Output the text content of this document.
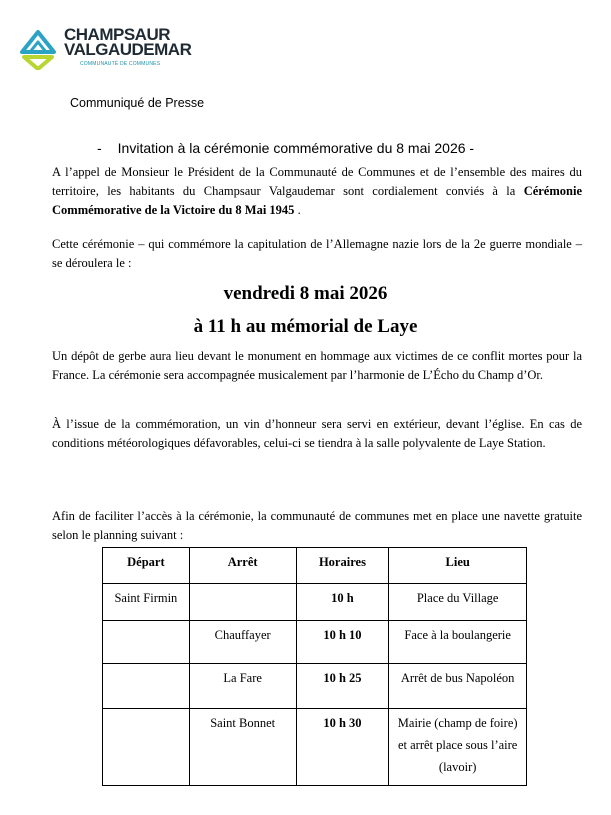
CHAMPSAUR
VALGAUDEMAR
COMMUNAUTÉ DE COMMUNES
Communiqué de Presse
- Invitation à la cérémonie commémorative du 8 mai 2026 -
A l’appel de Monsieur le Président de la Communauté de Communes et de l’ensemble des maires du territoire, les habitants du Champsaur Valgaudemar sont cordialement conviés à la Cérémonie Commémorative de la Victoire du 8 Mai 1945 .
Cette cérémonie – qui commémore la capitulation de l’Allemagne nazie lors de la 2e guerre mondiale – se déroulera le :
vendredi 8 mai 2026
à 11 h au mémorial de Laye
Un dépôt de gerbe aura lieu devant le monument en hommage aux victimes de ce conflit mortes pour la France. La cérémonie sera accompagnée musicalement par l’harmonie de L’Écho du Champ d’Or.
À l’issue de la commémoration, un vin d’honneur sera servi en extérieur, devant l’église. En cas de conditions météorologiques défavorables, celui-ci se tiendra à la salle polyvalente de Laye Station.
Afin de faciliter l’accès à la cérémonie, la communauté de communes met en place une navette gratuite selon le planning suivant :
Départ	Arrêt	Horaires	Lieu
Saint Firmin		10 h	Place du Village
	Chauffayer	10 h 10	Face à la boulangerie
	La Fare	10 h 25	Arrêt de bus Napoléon
	Saint Bonnet	10 h 30	Mairie (champ de foire) et arrêt place sous l’aire (lavoir)
